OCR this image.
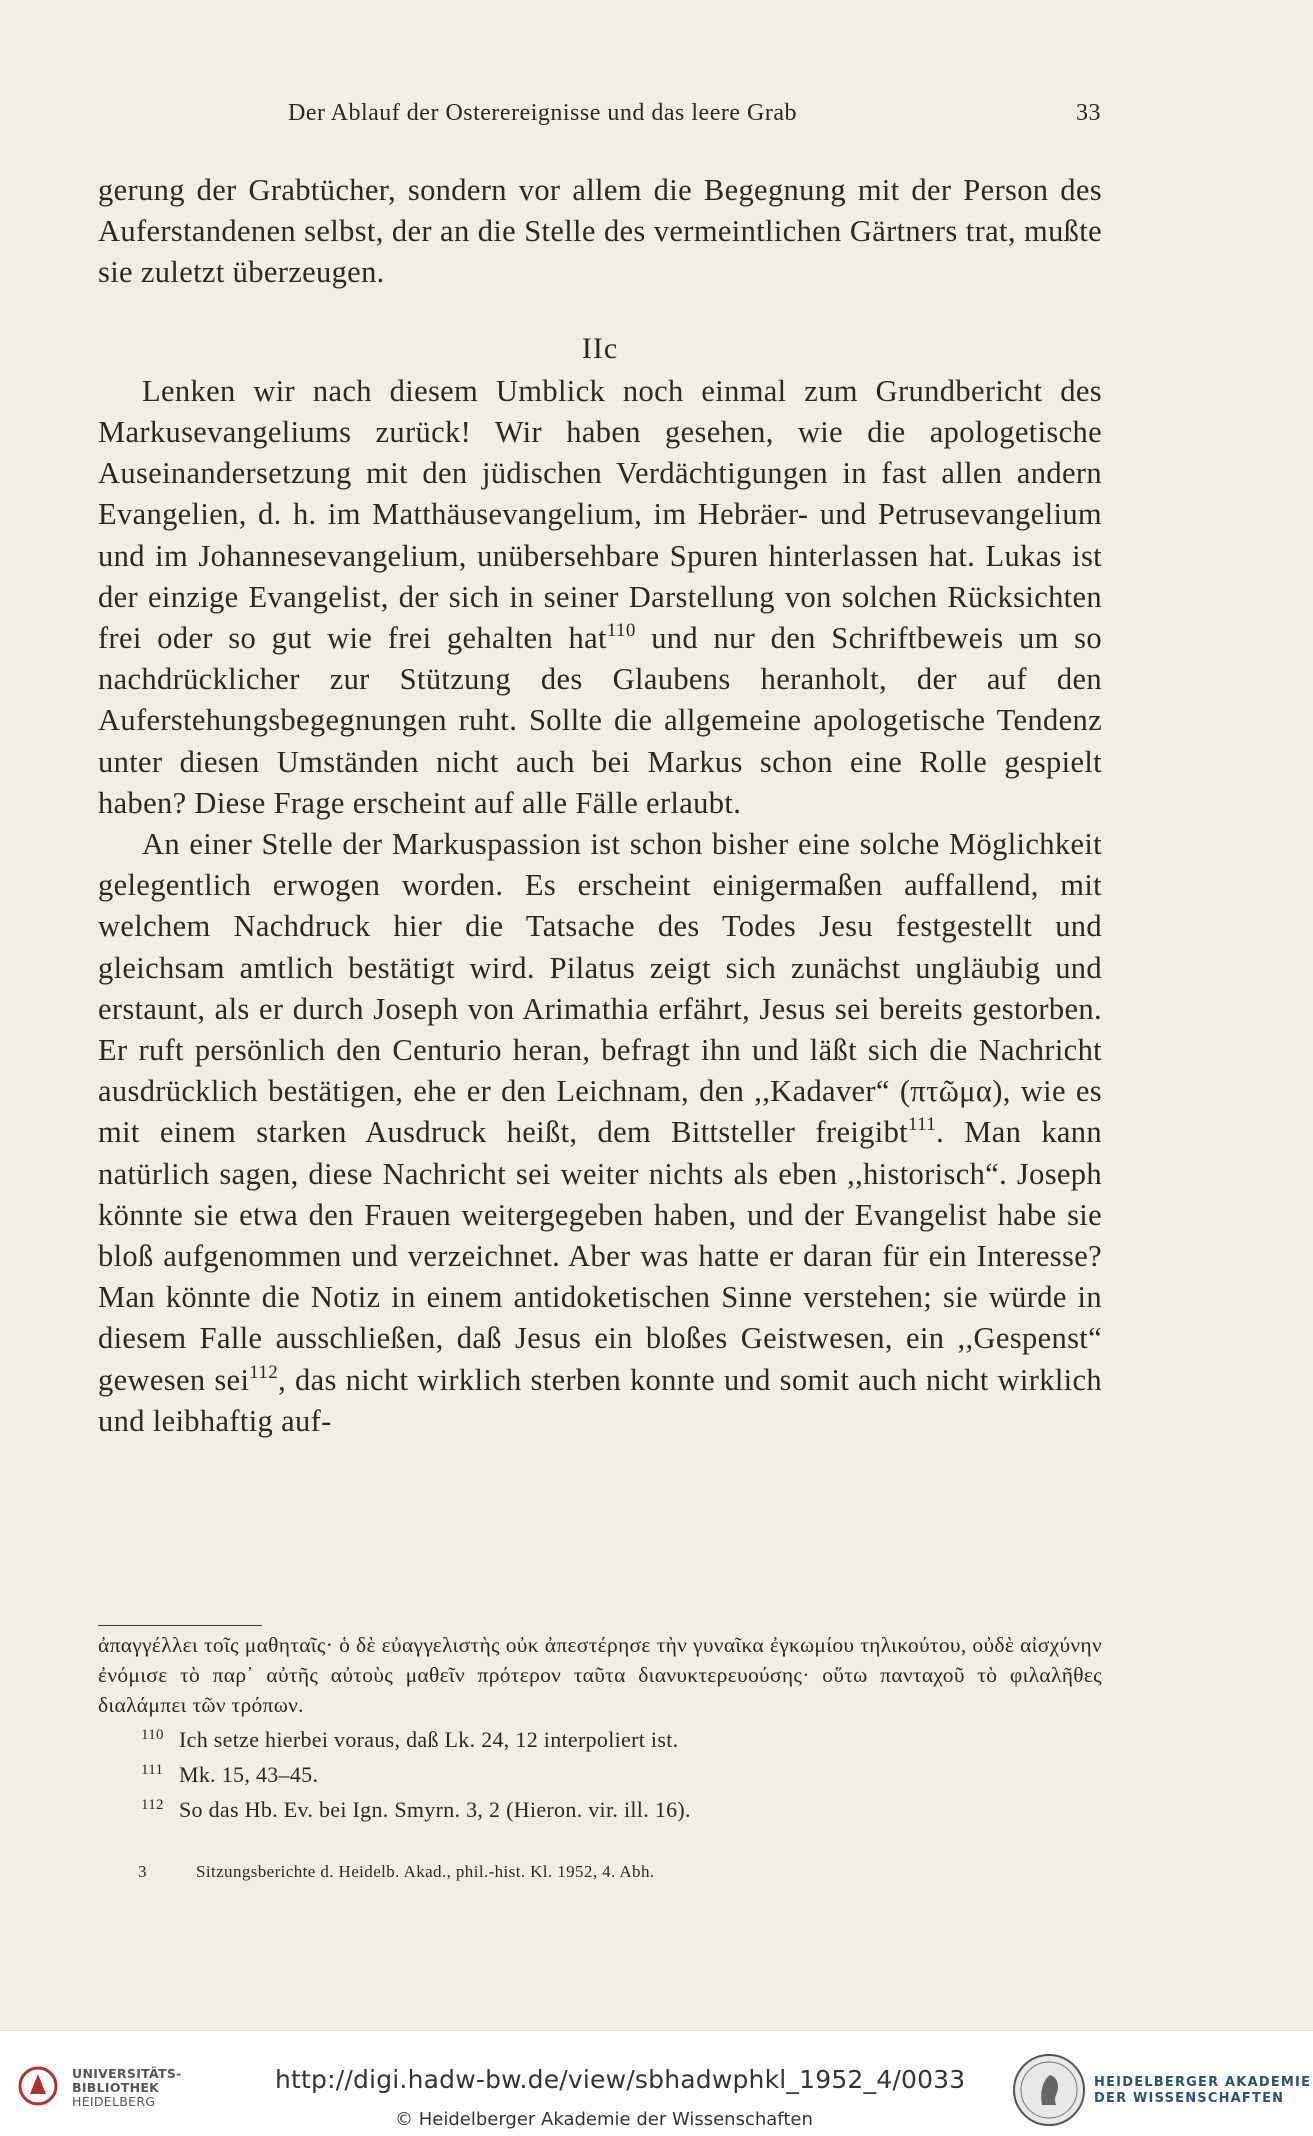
Der Ablauf der Osterereignisse und das leere Grab	33

gerung der Grabtücher, sondern vor allem die Begegnung mit der Person des Auferstandenen selbst, der an die Stelle des vermeintlichen Gärtners trat, mußte sie zuletzt überzeugen.

IIc

Lenken wir nach diesem Umblick noch einmal zum Grundbericht des Markusevangeliums zurück! Wir haben gesehen, wie die apologetische Auseinandersetzung mit den jüdischen Verdächtigungen in fast allen andern Evangelien, d. h. im Matthäusevangelium, im Hebräer- und Petrusevangelium und im Johannesevangelium, unübersehbare Spuren hinterlassen hat. Lukas ist der einzige Evangelist, der sich in seiner Darstellung von solchen Rücksichten frei oder so gut wie frei gehalten hat$^{110}$ und nur den Schriftbeweis um so nachdrücklicher zur Stützung des Glaubens heranholt, der auf den Auferstehungsbegegnungen ruht. Sollte die allgemeine apologetische Tendenz unter diesen Umständen nicht auch bei Markus schon eine Rolle gespielt haben? Diese Frage erscheint auf alle Fälle erlaubt.

An einer Stelle der Markuspassion ist schon bisher eine solche Möglichkeit gelegentlich erwogen worden. Es erscheint einigermaßen auffallend, mit welchem Nachdruck hier die Tatsache des Todes Jesu festgestellt und gleichsam amtlich bestätigt wird. Pilatus zeigt sich zunächst ungläubig und erstaunt, als er durch Joseph von Arimathia erfährt, Jesus sei bereits gestorben. Er ruft persönlich den Centurio heran, befragt ihn und läßt sich die Nachricht ausdrücklich bestätigen, ehe er den Leichnam, den ,,Kadaver“ (πτῶμα), wie es mit einem starken Ausdruck heißt, dem Bittsteller freigibt$^{111}$. Man kann natürlich sagen, diese Nachricht sei weiter nichts als eben ,,historisch“. Joseph könnte sie etwa den Frauen weitergegeben haben, und der Evangelist habe sie bloß aufgenommen und verzeichnet. Aber was hatte er daran für ein Interesse? Man könnte die Notiz in einem antidoketischen Sinne verstehen; sie würde in diesem Falle ausschließen, daß Jesus ein bloßes Geistwesen, ein ,,Gespenst“ gewesen sei$^{112}$, das nicht wirklich sterben konnte und somit auch nicht wirklich und leibhaftig auf-

ἀπαγγέλλει τοῖς μαθηταῖς· ὁ δὲ εὐαγγελιστὴς οὐκ ἀπεστέρησε τὴν γυναῖκα ἐγκωμίου τηλικούτου, οὐδὲ αἰσχύνην ἐνόμισε τὸ παρ᾽ αὐτῆς αὐτοὺς μαθεῖν πρότερον ταῦτα διανυκτερευούσης· οὕτω πανταχοῦ τὸ φιλαλῆθες διαλάμπει τῶν τρόπων.
110 Ich setze hierbei voraus, daß Lk. 24, 12 interpoliert ist.
111 Mk. 15, 43–45.
112 So das Hb. Ev. bei Ign. Smyrn. 3, 2 (Hieron. vir. ill. 16).
3	Sitzungsberichte d. Heidelb. Akad., phil.-hist. Kl. 1952, 4. Abh.
UNIVERSITÄTS-
BIBLIOTHEK
HEIDELBERG
http://digi.hadw-bw.de/view/sbhadwphkl_1952_4/0033
© Heidelberger Akademie der Wissenschaften
HEIDELBERGER AKADEMIE
DER WISSENSCHAFTEN
